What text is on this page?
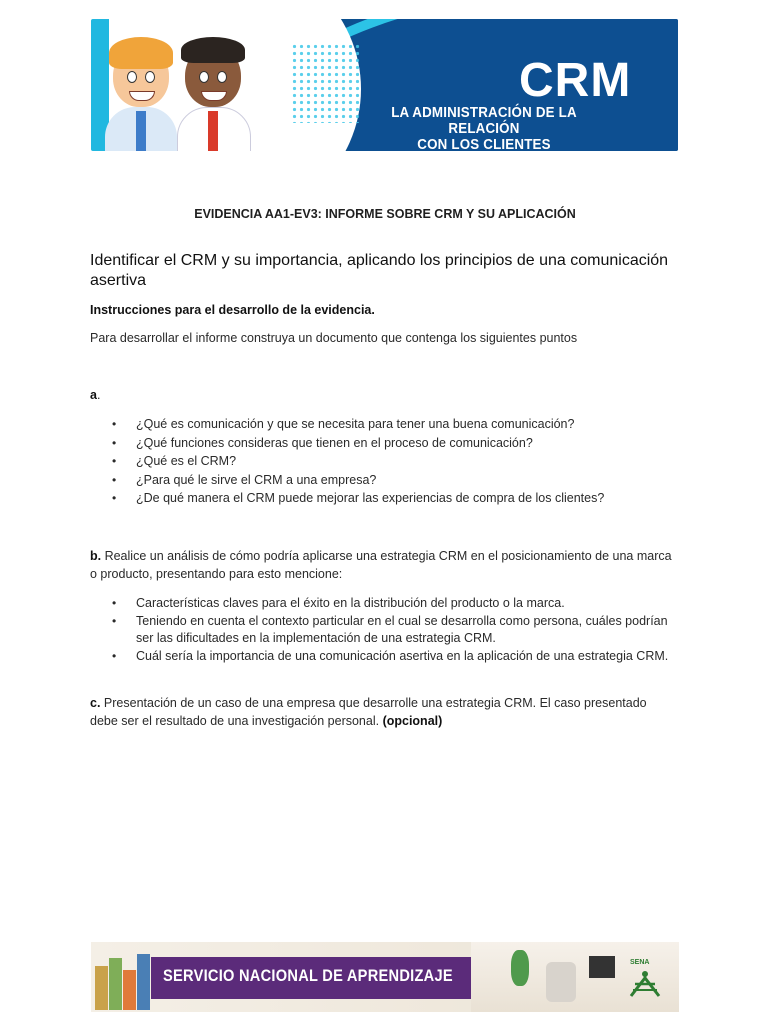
CRM
LA ADMINISTRACIÓN DE LA RELACIÓN
CON LOS CLIENTES
EVIDENCIA AA1-EV3: INFORME SOBRE CRM Y SU APLICACIÓN
Identificar el CRM y su importancia, aplicando los principios de una comunicación asertiva
Instrucciones para el desarrollo de la evidencia.
Para desarrollar el informe construya un documento que contenga los siguientes puntos
a.
• ¿Qué es comunicación y que se necesita para tener una buena comunicación?
• ¿Qué funciones consideras que tienen en el proceso de comunicación?
• ¿Qué es el CRM?
• ¿Para qué le sirve el CRM a una empresa?
• ¿De qué manera el CRM puede mejorar las experiencias de compra de los clientes?
b. Realice un análisis de cómo podría aplicarse una estrategia CRM en el posicionamiento de una marca o producto, presentando para esto mencione:
• Características claves para el éxito en la distribución del producto o la marca.
• Teniendo en cuenta el contexto particular en el cual se desarrolla como persona, cuáles podrían ser las dificultades en la implementación de una estrategia CRM.
• Cuál sería la importancia de una comunicación asertiva en la aplicación de una estrategia CRM.
c. Presentación de un caso de una empresa que desarrolle una estrategia CRM. El caso presentado debe ser el resultado de una investigación personal. (opcional)
SERVICIO NACIONAL DE APRENDIZAJE
SENA
